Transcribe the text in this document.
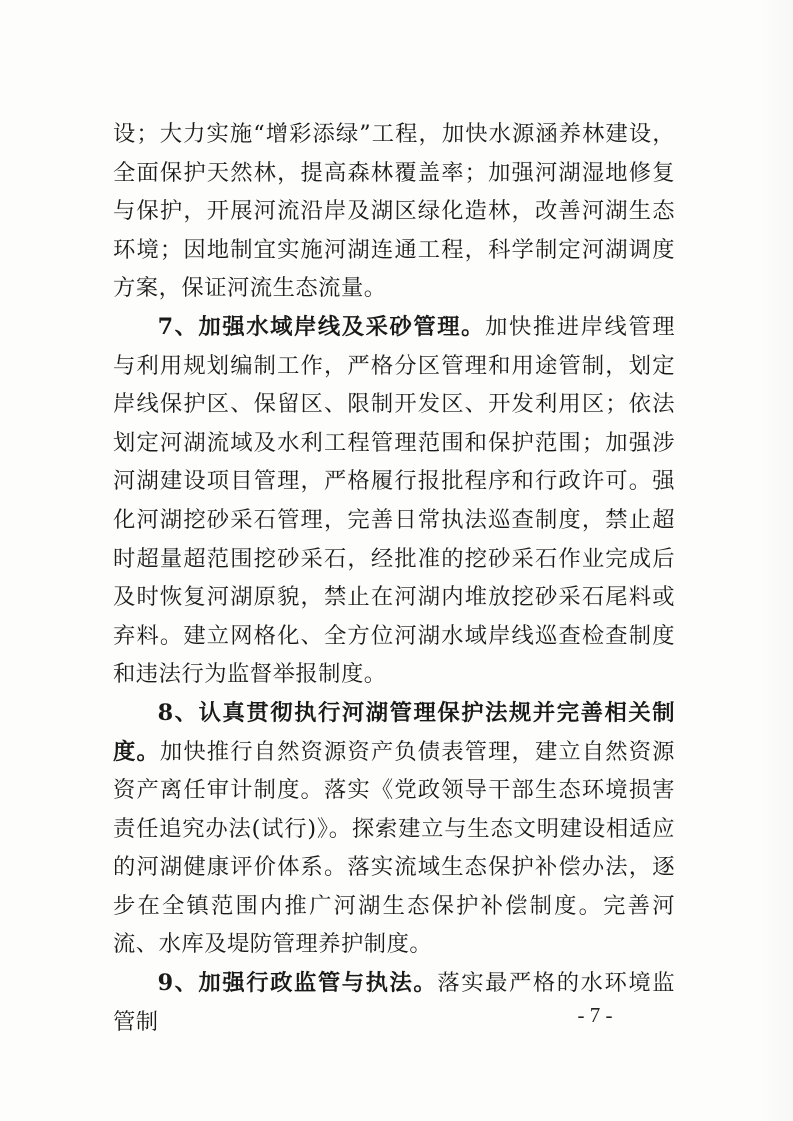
设；大力实施“增彩添绿”工程，加快水源涵养林建设，全面保护天然林，提高森林覆盖率；加强河湖湿地修复与保护，开展河流沿岸及湖区绿化造林，改善河湖生态环境；因地制宜实施河湖连通工程，科学制定河湖调度方案，保证河流生态流量。

7、加强水域岸线及采砂管理。加快推进岸线管理与利用规划编制工作，严格分区管理和用途管制，划定岸线保护区、保留区、限制开发区、开发利用区；依法划定河湖流域及水利工程管理范围和保护范围；加强涉河湖建设项目管理，严格履行报批程序和行政许可。强化河湖挖砂采石管理，完善日常执法巡查制度，禁止超时超量超范围挖砂采石，经批准的挖砂采石作业完成后及时恢复河湖原貌，禁止在河湖内堆放挖砂采石尾料或弃料。建立网格化、全方位河湖水域岸线巡查检查制度和违法行为监督举报制度。

8、认真贯彻执行河湖管理保护法规并完善相关制度。加快推行自然资源资产负债表管理，建立自然资源资产离任审计制度。落实《党政领导干部生态环境损害责任追究办法(试行)》。探索建立与生态文明建设相适应的河湖健康评价体系。落实流域生态保护补偿办法，逐步在全镇范围内推广河湖生态保护补偿制度。完善河流、水库及堤防管理养护制度。

9、加强行政监管与执法。落实最严格的水环境监管制	- 7 -
